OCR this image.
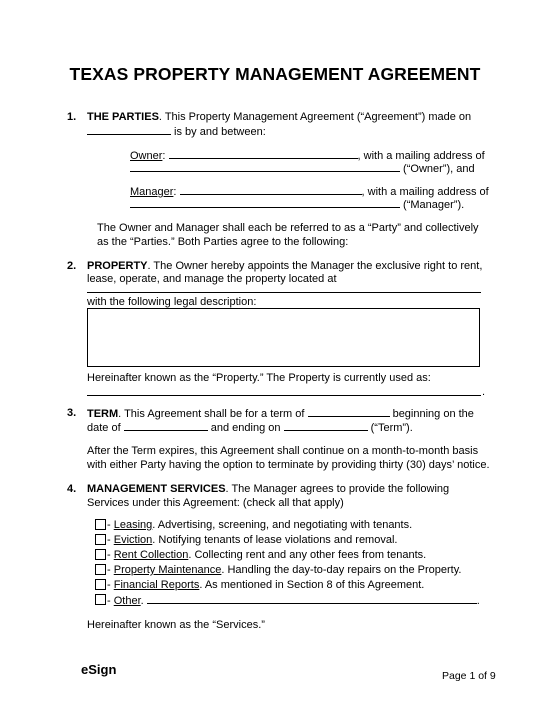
TEXAS PROPERTY MANAGEMENT AGREEMENT
1. THE PARTIES. This Property Management Agreement (“Agreement”) made on
is by and between:
Owner:	, with a mailing address of
(“Owner”), and
Manager:	, with a mailing address of
(“Manager”).
The Owner and Manager shall each be referred to as a “Party” and collectively
as the “Parties.” Both Parties agree to the following:
2. PROPERTY. The Owner hereby appoints the Manager the exclusive right to rent,
lease, operate, and manage the property located at
with the following legal description:
Hereinafter known as the “Property.” The Property is currently used as:
.
3. TERM. This Agreement shall be for a term of	beginning on the
date of	and ending on	(“Term”).
After the Term expires, this Agreement shall continue on a month-to-month basis
with either Party having the option to terminate by providing thirty (30) days’ notice.
4. MANAGEMENT SERVICES. The Manager agrees to provide the following
Services under this Agreement: (check all that apply)
- Leasing. Advertising, screening, and negotiating with tenants.
- Eviction. Notifying tenants of lease violations and removal.
- Rent Collection. Collecting rent and any other fees from tenants.
- Property Maintenance. Handling the day-to-day repairs on the Property.
- Financial Reports. As mentioned in Section 8 of this Agreement.
- Other.	.
Hereinafter known as the “Services.”
eSign	Page 1 of 9
